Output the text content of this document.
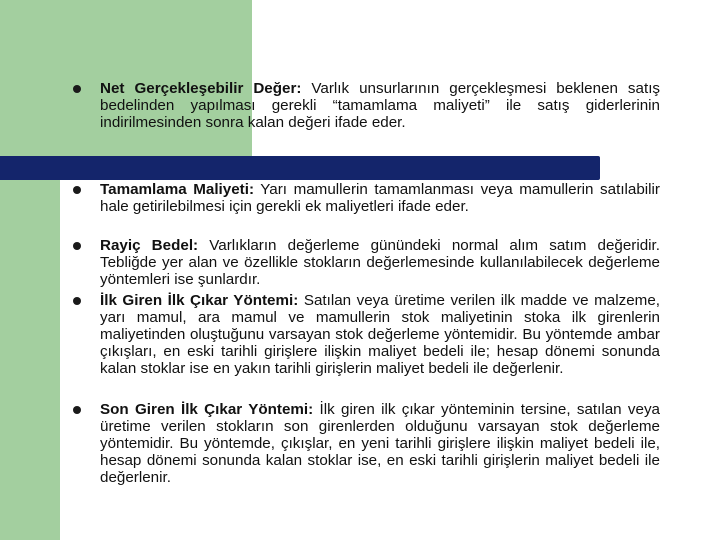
Net Gerçekleşebilir Değer: Varlık unsurlarının gerçekleşmesi beklenen satış bedelinden yapılması gerekli “tamamlama maliyeti” ile satış giderlerinin indirilmesinden sonra kalan değeri ifade eder.
Tamamlama Maliyeti: Yarı mamullerin tamamlanması veya mamullerin satılabilir hale getirilebilmesi için gerekli ek maliyetleri ifade eder.
Rayiç Bedel: Varlıkların değerleme günündeki normal alım satım değeridir. Tebliğde yer alan ve özellikle stokların değerlemesinde kullanılabilecek değerleme yöntemleri ise şunlardır.
İlk Giren İlk Çıkar Yöntemi: Satılan veya üretime verilen ilk madde ve malzeme, yarı mamul, ara mamul ve mamullerin stok maliyetinin stoka ilk girenlerin maliyetinden oluştuğunu varsayan stok değerleme yöntemidir. Bu yöntemde ambar çıkışları, en eski tarihli girişlere ilişkin maliyet bedeli ile; hesap dönemi sonunda kalan stoklar ise en yakın tarihli girişlerin maliyet bedeli ile değerlenir.
Son Giren İlk Çıkar Yöntemi: İlk giren ilk çıkar yönteminin tersine, satılan veya üretime verilen stokların son girenlerden olduğunu varsayan stok değerleme yöntemidir. Bu yöntemde, çıkışlar, en yeni tarihli girişlere ilişkin maliyet bedeli ile, hesap dönemi sonunda kalan stoklar ise, en eski tarihli girişlerin maliyet bedeli ile değerlenir.
